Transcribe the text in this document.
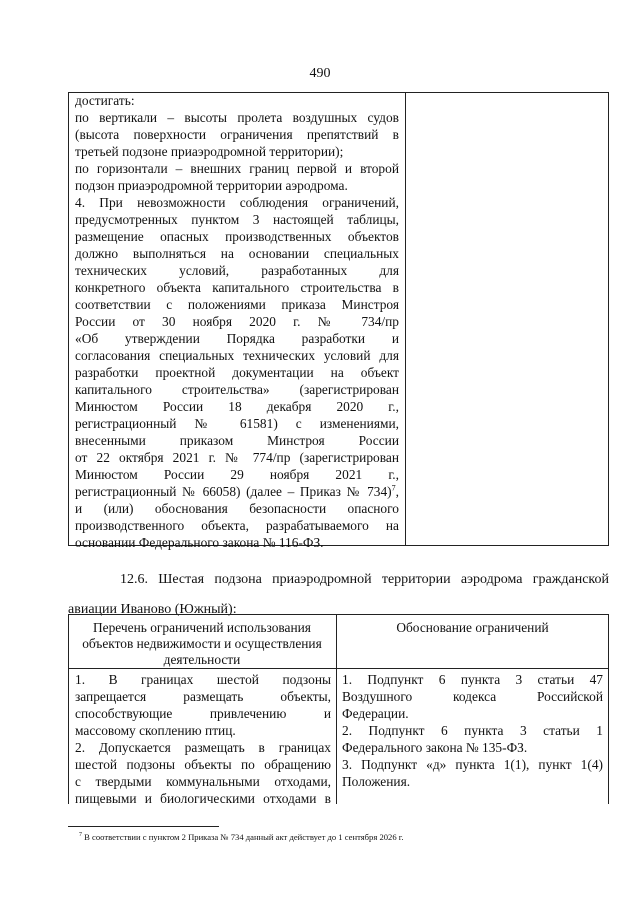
490
достигать:
по вертикали – высоты пролета воздушных судов
(высота поверхности ограничения препятствий в
третьей подзоне приаэродромной территории);
по горизонтали – внешних границ первой и второй
подзон приаэродромной территории аэродрома.
4. При невозможности соблюдения ограничений,
предусмотренных пунктом 3 настоящей таблицы,
размещение опасных производственных объектов
должно выполняться на основании специальных
технических условий, разработанных для
конкретного объекта капитального строительства в
соответствии с положениями приказа Минстроя
России от 30 ноября 2020 г. № 734/пр
«Об утверждении Порядка разработки и
согласования специальных технических условий для
разработки проектной документации на объект
капитального строительства» (зарегистрирован
Минюстом России 18 декабря 2020 г.,
регистрационный № 61581) с изменениями,
внесенными приказом Минстроя России
от 22 октября 2021 г. № 774/пр (зарегистрирован
Минюстом России 29 ноября 2021 г.,
регистрационный № 66058) (далее – Приказ № 734)$^7$,
и (или) обоснования безопасности опасного
производственного объекта, разрабатываемого на
основании Федерального закона № 116-ФЗ.
12.6. Шестая подзона приаэродромной территории аэродрома гражданской
авиации Иваново (Южный):
Перечень ограничений использования объектов недвижимости и осуществления деятельности
Обоснование ограничений
1. В границах шестой подзоны
запрещается размещать объекты,
способствующие привлечению и
массовому скоплению птиц.
2. Допускается размещать в границах
шестой подзоны объекты по обращению
с твердыми коммунальными отходами,
пищевыми и биологическими отходами в
1. Подпункт 6 пункта 3 статьи 47
Воздушного кодекса Российской
Федерации.
2. Подпункт 6 пункта 3 статьи 1
Федерального закона № 135-ФЗ.
3. Подпункт «д» пункта 1(1), пункт 1(4)
Положения.
$^7$ В соответствии с пунктом 2 Приказа № 734 данный акт действует до 1 сентября 2026 г.
